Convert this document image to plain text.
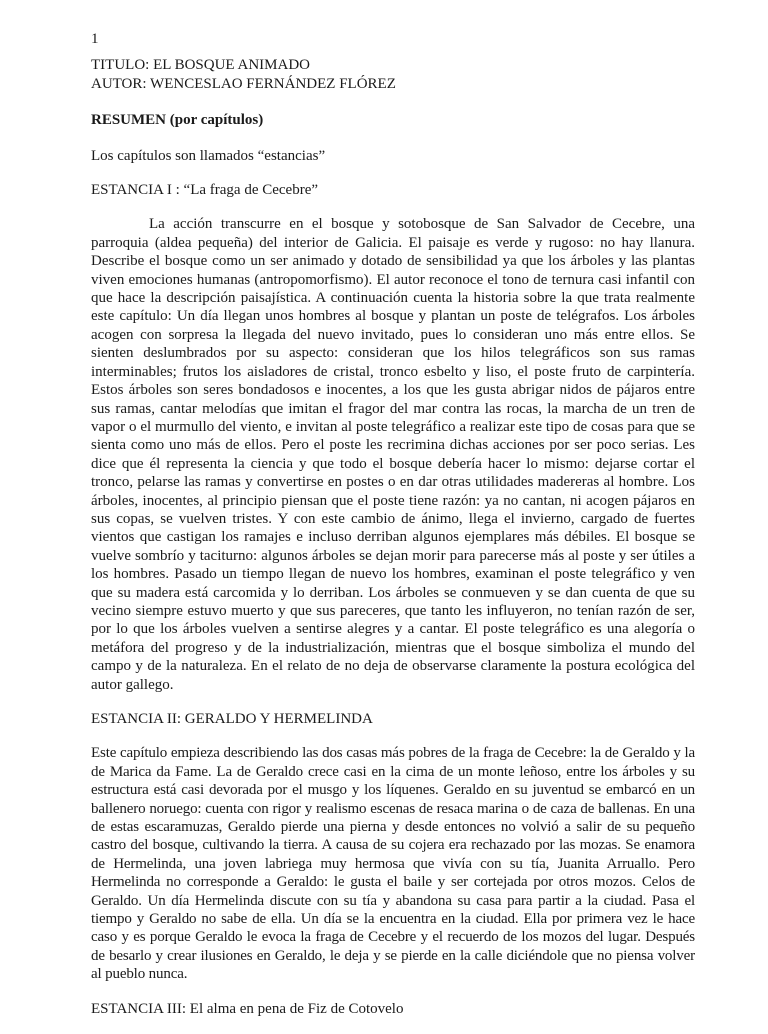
1

TITULO: EL BOSQUE ANIMADO

AUTOR: WENCESLAO FERNÁNDEZ FLÓREZ

RESUMEN (por capítulos)

Los capítulos son llamados “estancias”

ESTANCIA I : “La fraga de Cecebre”

La acción transcurre en el bosque y sotobosque de San Salvador de Cecebre, una parroquia (aldea pequeña) del interior de Galicia. El paisaje es verde y rugoso: no hay llanura. Describe el bosque como un ser animado y dotado de sensibilidad ya que los árboles y las plantas viven emociones humanas (antropomorfismo). El autor reconoce el tono de ternura casi infantil con que hace la descripción paisajística. A continuación cuenta la historia sobre la que trata realmente este capítulo: Un día llegan unos hombres al bosque y plantan un poste de telégrafos. Los árboles acogen con sorpresa la llegada del nuevo invitado, pues lo consideran uno más entre ellos. Se sienten deslumbrados por su aspecto: consideran que los hilos telegráficos son sus ramas interminables; frutos los aisladores de cristal, tronco esbelto y liso, el poste fruto de carpintería. Estos árboles son seres bondadosos e inocentes, a los que les gusta abrigar nidos de pájaros entre sus ramas, cantar melodías que imitan el fragor del mar contra las rocas, la marcha de un tren de vapor o el murmullo del viento, e invitan al poste telegráfico a realizar este tipo de cosas para que se sienta como uno más de ellos. Pero el poste les recrimina dichas acciones por ser poco serias. Les dice que él representa la ciencia y que todo el bosque debería hacer lo mismo: dejarse cortar el tronco, pelarse las ramas y convertirse en postes o en dar otras utilidades madereras al hombre. Los árboles, inocentes, al principio piensan que el poste tiene razón: ya no cantan, ni acogen pájaros en sus copas, se vuelven tristes. Y con este cambio de ánimo, llega el invierno, cargado de fuertes vientos que castigan los ramajes e incluso derriban algunos ejemplares más débiles. El bosque se vuelve sombrío y taciturno: algunos árboles se dejan morir para parecerse más al poste y ser útiles a los hombres. Pasado un tiempo llegan de nuevo los hombres, examinan el poste telegráfico y ven que su madera está carcomida y lo derriban. Los árboles se conmueven y se dan cuenta de que su vecino siempre estuvo muerto y que sus pareceres, que tanto les influyeron, no tenían razón de ser, por lo que los árboles vuelven a sentirse alegres y a cantar. El poste telegráfico es una alegoría o metáfora del progreso y de la industrialización, mientras que el bosque simboliza el mundo del campo y de la naturaleza. En el relato de no deja de observarse claramente la postura ecológica del autor gallego.

ESTANCIA II: GERALDO Y HERMELINDA

Este capítulo empieza describiendo las dos casas más pobres de la fraga de Cecebre: la de Geraldo y la de Marica da Fame. La de Geraldo crece casi en la cima de un monte leñoso, entre los árboles y su estructura está casi devorada por el musgo y los líquenes. Geraldo en su juventud se embarcó en un ballenero noruego: cuenta con rigor y realismo escenas de resaca marina o de caza de ballenas. En una de estas escaramuzas, Geraldo pierde una pierna y desde entonces no volvió a salir de su pequeño castro del bosque, cultivando la tierra. A causa de su cojera era rechazado por las mozas. Se enamora de Hermelinda, una joven labriega muy hermosa que vivía con su tía, Juanita Arruallo. Pero Hermelinda no corresponde a Geraldo: le gusta el baile y ser cortejada por otros mozos. Celos de Geraldo. Un día Hermelinda discute con su tía y abandona su casa para partir a la ciudad. Pasa el tiempo y Geraldo no sabe de ella. Un día se la encuentra en la ciudad. Ella por primera vez le hace caso y es porque Geraldo le evoca la fraga de Cecebre y el recuerdo de los mozos del lugar. Después de besarlo y crear ilusiones en Geraldo, le deja y se pierde en la calle diciéndole que no piensa volver al pueblo nunca.

ESTANCIA III: El alma en pena de Fiz de Cotovelo
